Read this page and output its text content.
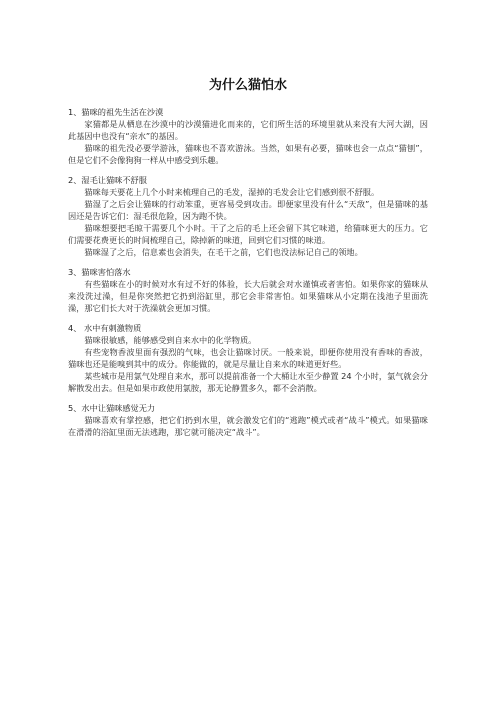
为什么猫怕水

1、猫咪的祖先生活在沙漠

家猫都是从栖息在沙漠中的沙漠猫进化而来的，它们所生活的环境里就从来没有大河大湖，因此基因中也没有“亲水”的基因。

猫咪的祖先没必要学游泳，猫咪也不喜欢游泳。当然，如果有必要，猫咪也会一点点“猫刨”，但是它们不会像狗狗一样从中感受到乐趣。

2、湿毛让猫咪不舒服

猫咪每天要花上几个小时来梳理自己的毛发，湿掉的毛发会让它们感到很不舒服。

猫湿了之后会让猫咪的行动笨重，更容易受到攻击。即便家里没有什么“天敌”，但是猫咪的基因还是告诉它们：湿毛很危险，因为跑不快。

猫咪想要把毛晾干需要几个小时。干了之后的毛上还会留下其它味道，给猫咪更大的压力。它们需要花费更长的时间梳理自己，除掉新的味道，回到它们习惯的味道。

猫咪湿了之后，信息素也会消失，在毛干之前，它们也没法标记自己的领地。

3、猫咪害怕落水

有些猫咪在小的时候对水有过不好的体验，长大后就会对水谨慎或者害怕。如果你家的猫咪从来没洗过澡，但是你突然把它扔到浴缸里，那它会非常害怕。如果猫咪从小定期在浅池子里面洗澡，那它们长大对于洗澡就会更加习惯。

4、 水中有刺激物质

猫咪很敏感，能够感受到自来水中的化学物质。

有些宠物香波里面有强烈的气味，也会让猫咪讨厌。一般来说，即便你使用没有香味的香波，猫咪也还是能嗅到其中的成分。你能做的，就是尽量让自来水的味道更好些。

某些城市是用氯气处理自来水，那可以提前准备一个大桶让水至少静置 24 个小时，氯气就会分解散发出去。但是如果市政使用氯胺，那无论静置多久，都不会消散。

5、水中让猫咪感觉无力

猫咪喜欢有掌控感，把它们扔到水里，就会激发它们的“逃跑”模式或者“战斗”模式。如果猫咪在滑滑的浴缸里面无法逃跑，那它就可能决定“战斗”。
